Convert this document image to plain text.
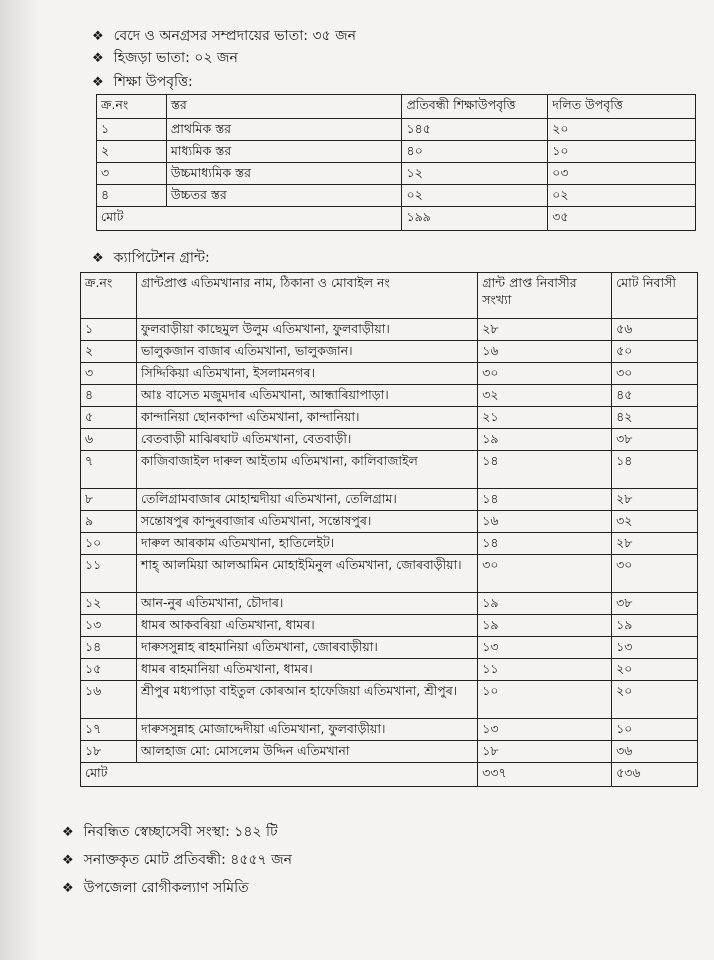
❖ বেদে ও অনগ্রসর সম্প্রদায়ের ভাতা: ৩৫ জন
❖ হিজড়া ভাতা: ০২ জন
❖ শিক্ষা উপবৃত্তি:
ক্র.নং	স্তর	প্রতিবন্ধী শিক্ষাউপবৃত্তি	দলিত উপবৃত্তি
১	প্রাথমিক স্তর	১৪৫	২০
২	মাধ্যমিক স্তর	৪০	১০
৩	উচ্চমাধ্যমিক স্তর	১২	০৩
৪	উচ্চতর স্তর	০২	০২
মোট		১৯৯	৩৫
❖ ক্যাপিটেশন গ্রান্ট:
ক্র.নং	গ্রান্টপ্রাপ্ত এতিমখানার নাম, ঠিকানা ও মোবাইল নং	গ্রান্ট প্রাপ্ত নিবাসীর সংখ্যা	মোট নিবাসী
১	ফুলবাড়ীয়া কাছেমুল উলুম এতিমখানা, ফুলবাড়ীয়া।	২৮	৫৬
২	ভালুকজান বাজাৰ এতিমখানা, ভালুকজান।	১৬	৫০
৩	সিদ্দিকিয়া এতিমখানা, ইসলামনগৰ।	৩০	৩০
৪	আঃ বাসেত মজুমদাৰ এতিমখানা, আন্ধাৰিয়াপাড়া।	৩২	৪৫
৫	কান্দানিয়া ছোনকান্দা এতিমখানা, কান্দানিয়া।	২১	৪২
৬	বেতবাড়ী মাঝিৰঘাট এতিমখানা, বেতবাড়ী।	১৯	৩৮
৭	কাজিবাজাইল দাৰুল আইতাম এতিমখানা, কালিবাজাইল	১৪	১৪
৮	তেলিগ্রামবাজাৰ মোহাম্মদীয়া এতিমখানা, তেলিগ্রাম।	১৪	২৮
৯	সন্তোষপুৰ কান্দুৰবাজাৰ এতিমখানা, সন্তোষপুৰ।	১৬	৩২
১০	দাৰুল আৰকাম এতিমখানা, হাতিলেইট।	১৪	২৮
১১	শাহ্ আলমিয়া আলআমিন মোহাইমিনুল এতিমখানা, জোৰবাড়ীয়া।	৩০	৩০
১২	আন-নুৰ এতিমখানা, চৌদাৰ।	১৯	৩৮
১৩	ধামৰ আকবৰিয়া এতিমখানা, ধামৰ।	১৯	১৯
১৪	দাৰুসসুন্নাহ ৰাহমানিয়া এতিমখানা, জোৰবাড়ীয়া।	১৩	১৩
১৫	ধামৰ ৰাহমানিয়া এতিমখানা, ধামৰ।	১১	২০
১৬	শ্রীপুৰ মধ্যপাড়া বাইতুল কোৰআন হাফেজিয়া এতিমখানা, শ্রীপুৰ।	১০	২০
১৭	দাৰুসসুন্নাহ মোজাদ্দেদীয়া এতিমখানা, ফুলবাড়ীয়া।	১৩	১০
১৮	আলহাজ মো: মোসলেম উদ্দিন এতিমখানা	১৮	৩৬
মোট		৩৩৭	৫৩৬
❖ নিবন্ধিত স্বেচ্ছাসেবী সংস্থা: ১৪২ টি
❖ সনাক্তকৃত মোট প্রতিবন্ধী: ৪৫৫৭ জন
❖ উপজেলা রোগীকল্যাণ সমিতি
